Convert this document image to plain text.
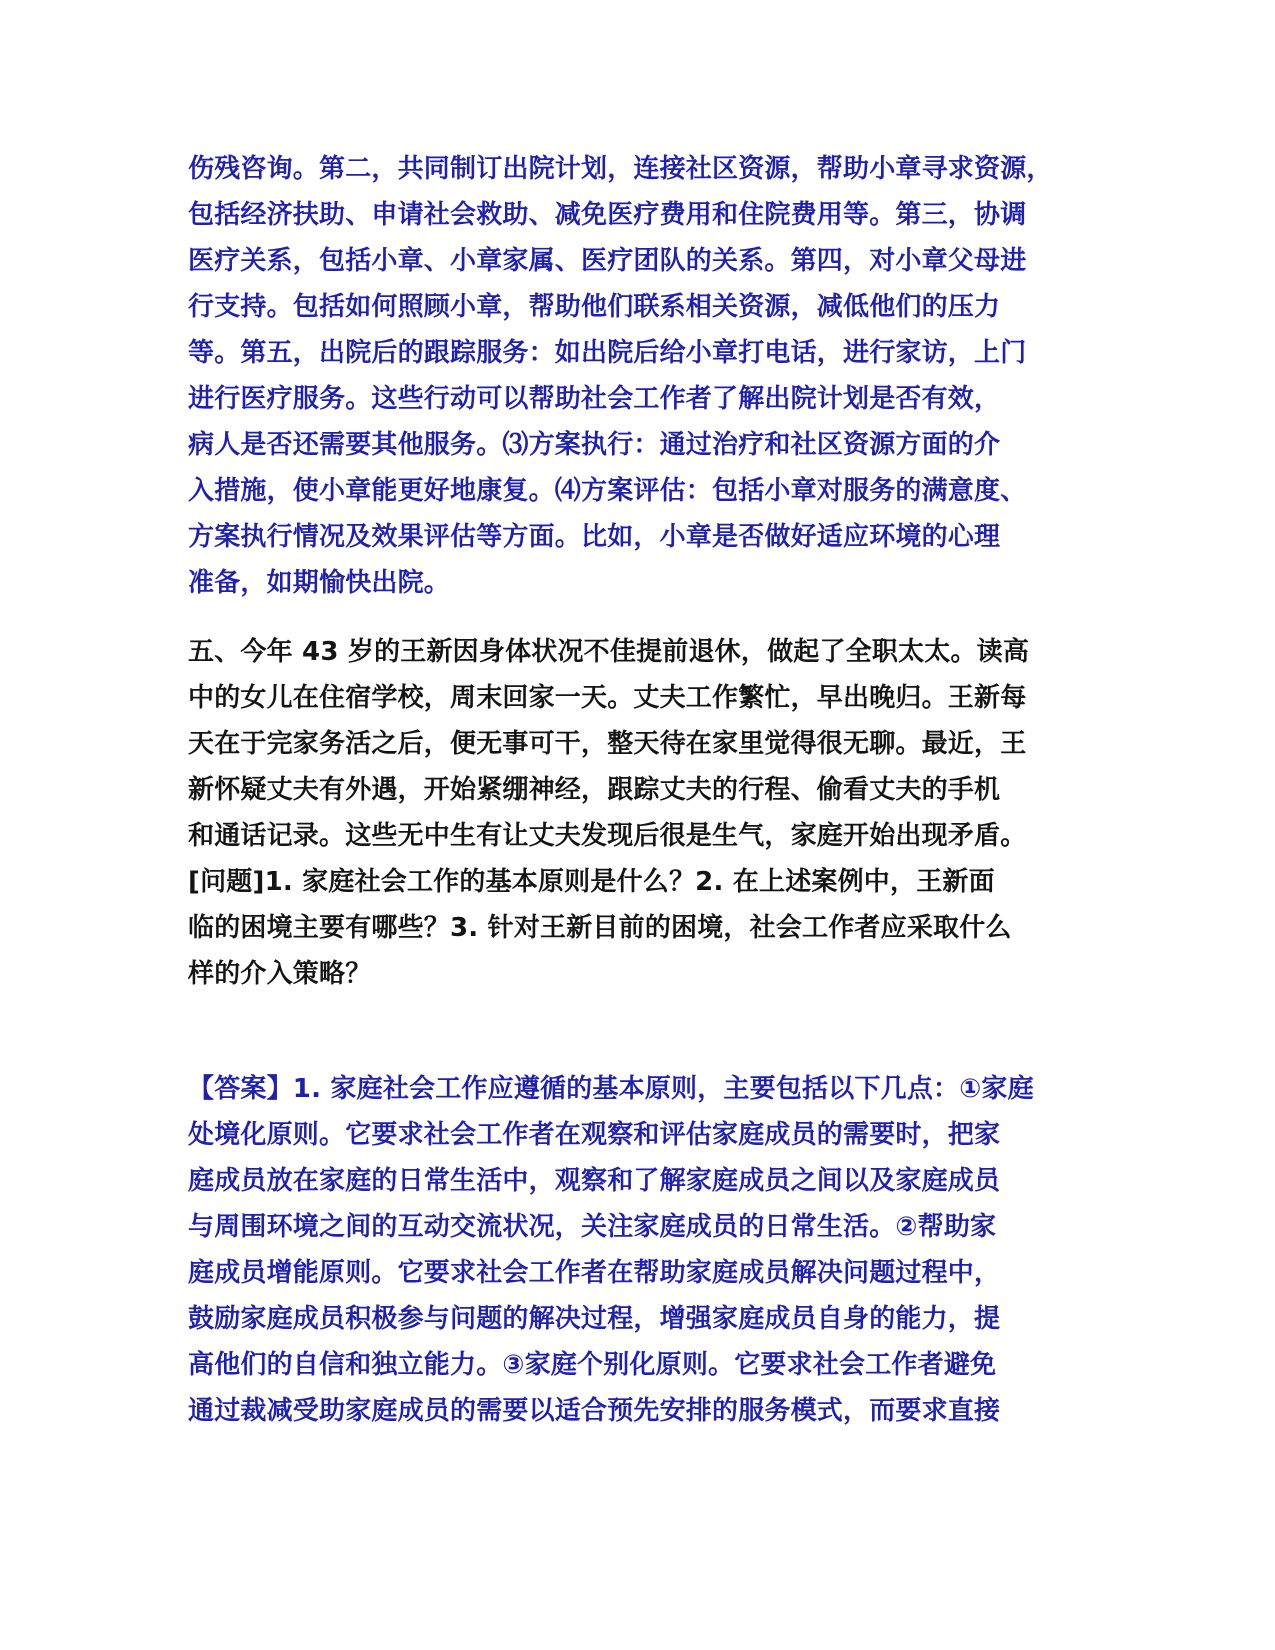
伤残咨询。第二，共同制订出院计划，连接社区资源，帮助小章寻求资源，
包括经济扶助、申请社会救助、减免医疗费用和住院费用等。第三，协调
医疗关系，包括小章、小章家属、医疗团队的关系。第四，对小章父母进
行支持。包括如何照顾小章，帮助他们联系相关资源，减低他们的压力
等。第五，出院后的跟踪服务：如出院后给小章打电话，进行家访，上门
进行医疗服务。这些行动可以帮助社会工作者了解出院计划是否有效，
病人是否还需要其他服务。⑶方案执行：通过治疗和社区资源方面的介
入措施，使小章能更好地康复。⑷方案评估：包括小章对服务的满意度、
方案执行情况及效果评估等方面。比如，小章是否做好适应环境的心理
准备，如期愉快出院。
五、今年 43 岁的王新因身体状况不佳提前退休，做起了全职太太。读高
中的女儿在住宿学校，周末回家一天。丈夫工作繁忙，早出晚归。王新每
天在于完家务活之后，便无事可干，整天待在家里觉得很无聊。最近，王
新怀疑丈夫有外遇，开始紧绷神经，跟踪丈夫的行程、偷看丈夫的手机
和通话记录。这些无中生有让丈夫发现后很是生气，家庭开始出现矛盾。
[问题]1. 家庭社会工作的基本原则是什么？2. 在上述案例中，王新面
临的困境主要有哪些？3. 针对王新目前的困境，社会工作者应采取什么
样的介入策略？
【答案】1. 家庭社会工作应遵循的基本原则，主要包括以下几点：①家庭
处境化原则。它要求社会工作者在观察和评估家庭成员的需要时，把家
庭成员放在家庭的日常生活中，观察和了解家庭成员之间以及家庭成员
与周围环境之间的互动交流状况，关注家庭成员的日常生活。②帮助家
庭成员增能原则。它要求社会工作者在帮助家庭成员解决问题过程中，
鼓励家庭成员积极参与问题的解决过程，增强家庭成员自身的能力，提
高他们的自信和独立能力。③家庭个别化原则。它要求社会工作者避免
通过裁减受助家庭成员的需要以适合预先安排的服务模式，而要求直接
